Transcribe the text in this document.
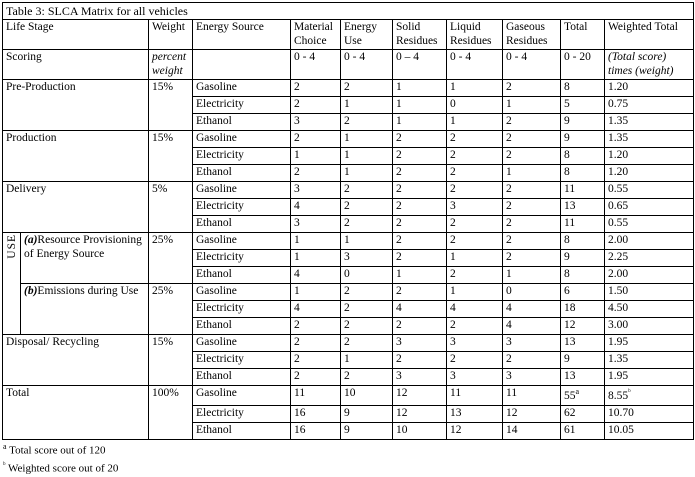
Table 3: SLCA Matrix for all vehicles										
Life Stage		Weight	Energy Source	Material Choice	Energy Use	Solid Residues	Liquid Residues	Gaseous Residues	Total	Weighted Total
Scoring		percent weight		0 - 4	0 - 4	0 – 4	0 - 4	0 - 4	0 - 20	(Total score) times (weight)
Pre-Production		15%	Gasoline	2	2	1	1	2	8	1.20
			Electricity	2	1	1	0	1	5	0.75
			Ethanol	3	2	1	1	2	9	1.35
Production		15%	Gasoline	2	1	2	2	2	9	1.35
			Electricity	1	1	2	2	2	8	1.20
			Ethanol	2	1	2	2	1	8	1.20
Delivery		5%	Gasoline	3	2	2	2	2	11	0.55
			Electricity	4	2	2	3	2	13	0.65
			Ethanol	3	2	2	2	2	11	0.55
USE	(a)Resource Provisioning of Energy Source	25%	Gasoline	1	1	2	2	2	8	2.00
			Electricity	1	3	2	1	2	9	2.25
			Ethanol	4	0	1	2	1	8	2.00
	(b)Emissions during Use	25%	Gasoline	1	2	2	1	0	6	1.50
			Electricity	4	2	4	4	4	18	4.50
			Ethanol	2	2	2	2	4	12	3.00
Disposal/ Recycling		15%	Gasoline	2	2	3	3	3	13	1.95
			Electricity	2	1	2	2	2	9	1.35
			Ethanol	2	2	3	3	3	13	1.95
Total		100%	Gasoline	11	10	12	11	11	55$^a$	$8.55^ᵇ$
			Electricity	16	9	12	13	12	62	10.70
			Ethanol	16	9	10	12	14	61	10.05
$^a$ Total score out of 120
$^ᵇ$ Weighted score out of 20
